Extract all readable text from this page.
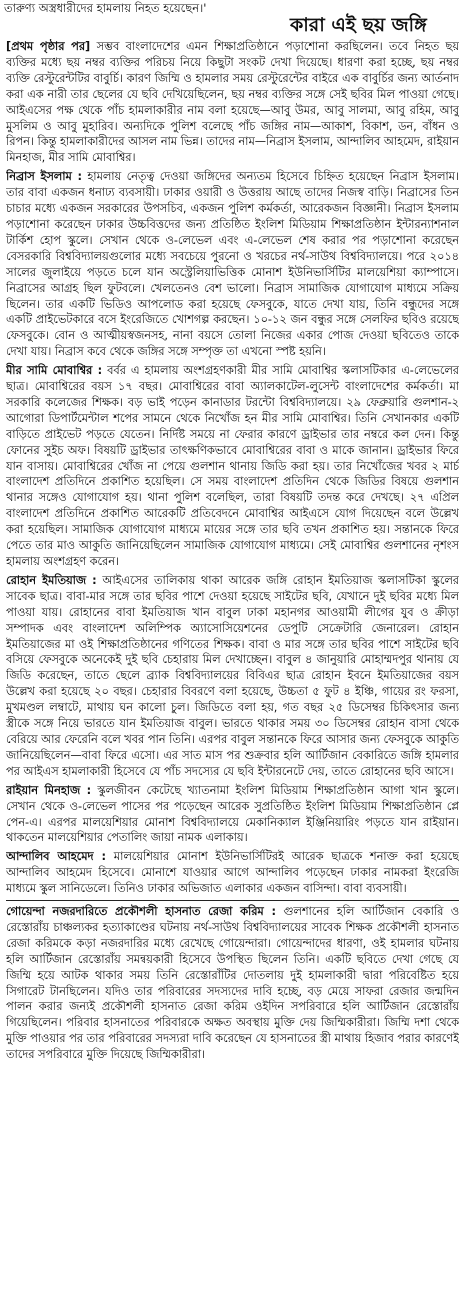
তারুণ্য অস্ত্রধারীদের হামলায় নিহত হয়েছেন।'
কারা এই ছয় জঙ্গি

[প্রথম পৃষ্ঠার পর] সম্ভব বাংলাদেশের এমন শিক্ষাপ্রতিষ্ঠানে পড়াশোনা করছিলেন। তবে নিহত ছয় ব্যক্তির মধ্যে ছয় নম্বর ব্যক্তির পরিচয় নিয়ে কিছুটা সংকট দেখা দিয়েছে। ধারণা করা হচ্ছে, ছয় নম্বর ব্যক্তি রেস্টুরেন্টটির বাবুর্চি। কারণ জিম্মি ও হামলার সময় রেস্টুরেন্টের বাইরে এক বাবুর্চির জন্য আর্তনাদ করা এক নারী তার ছেলের যে ছবি দেখিয়েছিলেন, ছয় নম্বর ব্যক্তির সঙ্গে সেই ছবির মিল পাওয়া গেছে। আইএসের পক্ষ থেকে পাঁচ হামলাকারীর নাম বলা হয়েছে—আবু উমর, আবু সালমা, আবু রহিম, আবু মুসলিম ও আবু মুহারিব। অন্যদিকে পুলিশ বলেছে পাঁচ জঙ্গির নাম—আকাশ, বিকাশ, ডন, বাঁধন ও রিপন। কিন্তু হামলাকারীদের আসল নাম ভিন্ন। তাদের নাম—নিব্রাস ইসলাম, আন্দালিব আহমেদ, রাইয়ান মিনহাজ, মীর সামি মোবাশ্বির।

নিব্রাস ইসলাম : হামলায় নেতৃত্ব দেওয়া জঙ্গিদের অন্যতম হিসেবে চিহ্নিত হয়েছেন নিব্রাস ইসলাম। তার বাবা একজন ধনাঢ্য ব্যবসায়ী। ঢাকার ওয়ারী ও উত্তরায় আছে তাদের নিজস্ব বাড়ি। নিব্রাসের তিন চাচার মধ্যে একজন সরকারের উপসচিব, একজন পুলিশ কর্মকর্তা, আরেকজন বিজ্ঞানী। নিব্রাস ইসলাম পড়াশোনা করেছেন ঢাকার উচ্চবিত্তদের জন্য প্রতিষ্ঠিত ইংলিশ মিডিয়াম শিক্ষাপ্রতিষ্ঠান ইন্টারন্যাশনাল টার্কিশ হোপ স্কুলে। সেখান থেকে ও-লেভেল এবং এ-লেভেল শেষ করার পর পড়াশোনা করেছেন বেসরকারি বিশ্ববিদ্যালয়গুলোর মধ্যে সবচেয়ে পুরনো ও খরচের নর্থ-সাউথ বিশ্ববিদ্যালয়ে। পরে ২০১৪ সালের জুলাইয়ে পড়তে চলে যান অস্ট্রেলিয়াভিত্তিক মোনাশ ইউনিভার্সিটির মালয়েশিয়া ক্যাম্পাসে। নিব্রাসের আগ্রহ ছিল ফুটবলে। খেলতেনও বেশ ভালো। নিব্রাস সামাজিক যোগাযোগ মাধ্যমে সক্রিয় ছিলেন। তার একটি ভিডিও আপলোড করা হয়েছে ফেসবুকে, যাতে দেখা যায়, তিনি বন্ধুদের সঙ্গে একটি প্রাইভেটকারে বসে ইংরেজিতে খোশগল্প করছেন। ১০-১২ জন বন্ধুর সঙ্গে সেলফির ছবিও রয়েছে ফেসবুকে। বোন ও আত্মীয়স্বজনসহ, নানা বয়সে তোলা নিজের একার পোজ দেওয়া ছবিতেও তাকে দেখা যায়। নিব্রাস কবে থেকে জঙ্গির সঙ্গে সম্পৃক্ত তা এখনো স্পষ্ট হয়নি।

মীর সামি মোবাশ্বির : বর্বর এ হামলায় অংশগ্রহণকারী মীর সামি মোবাশ্বির স্কলাসটিকার এ-লেভেলের ছাত্র। মোবাশ্বিরের বয়স ১৭ বছর। মোবাশ্বিরের বাবা অ্যালকাটেল-লুসেন্ট বাংলাদেশের কর্মকর্তা। মা সরকারি কলেজের শিক্ষক। বড় ভাই পড়েন কানাডার টরন্টো বিশ্ববিদ্যালয়ে। ২৯ ফেব্রুয়ারি গুলশান-২ আগোরা ডিপার্টমেন্টাল শপের সামনে থেকে নিখোঁজ হন মীর সামি মোবাশ্বির। তিনি সেখানকার একটি বাড়িতে প্রাইভেট পড়তে যেতেন। নির্দিষ্ট সময়ে না ফেরার কারণে ড্রাইভার তার নম্বরে কল দেন। কিন্তু ফোনের সুইচ অফ। বিষয়টি ড্রাইভার তাৎক্ষণিকভাবে মোবাশ্বিরের বাবা ও মাকে জানান। ড্রাইভার ফিরে যান বাসায়। মোবাশ্বিরের খোঁজ না পেয়ে গুলশান থানায় জিডি করা হয়। তার নিখোঁজের খবর ২ মার্চ বাংলাদেশ প্রতিদিনে প্রকাশিত হয়েছিল। সে সময় বাংলাদেশ প্রতিদিন থেকে জিডির বিষয়ে গুলশান থানার সঙ্গেও যোগাযোগ হয়। থানা পুলিশ বলেছিল, তারা বিষয়টি তদন্ত করে দেখছে। ২৭ এপ্রিল বাংলাদেশ প্রতিদিনে প্রকাশিত আরেকটি প্রতিবেদনে মোবাশ্বির আইএসে যোগ দিয়েছেন বলে উল্লেখ করা হয়েছিল। সামাজিক যোগাযোগ মাধ্যমে মায়ের সঙ্গে তার ছবি তখন প্রকাশিত হয়। সন্তানকে ফিরে পেতে তার মাও আকুতি জানিয়েছিলেন সামাজিক যোগাযোগ মাধ্যমে। সেই মোবাশ্বির গুলশানের নৃশংস হামলায় অংশগ্রহণ করেন।

রোহান ইমতিয়াজ : আইএসের তালিকায় থাকা আরেক জঙ্গি রোহান ইমতিয়াজ স্কলাসটিকা স্কুলের সাবেক ছাত্র। বাবা-মার সঙ্গে তার ছবির পাশে দেওয়া হয়েছে সাইটের ছবি, যেখানে দুই ছবির মধ্যে মিল পাওয়া যায়। রোহানের বাবা ইমতিয়াজ খান বাবুল ঢাকা মহানগর আওয়ামী লীগের যুব ও ক্রীড়া সম্পাদক এবং বাংলাদেশ অলিম্পিক অ্যাসোসিয়েশনের ডেপুটি সেক্রেটারি জেনারেল। রোহান ইমতিয়াজের মা ওই শিক্ষাপ্রতিষ্ঠানের গণিতের শিক্ষক। বাবা ও মার সঙ্গে তার ছবির পাশে সাইটের ছবি বসিয়ে ফেসবুকে অনেকেই দুই ছবি চেহারায় মিল দেখাচ্ছেন। বাবুল ৪ জানুয়ারি মোহাম্মদপুর থানায় যে জিডি করেছেন, তাতে ছেলে ব্র্যাক বিশ্ববিদ্যালয়ের বিবিএর ছাত্র রোহান ইবনে ইমতিয়াজের বয়স উল্লেখ করা হয়েছে ২০ বছর। চেহারার বিবরণে বলা হয়েছে, উচ্চতা ৫ ফুট ৪ ইঞ্চি, গায়ের রং ফরসা, মুখমণ্ডল লম্বাটে, মাথায় ঘন কালো চুল। জিডিতে বলা হয়, গত বছর ২৫ ডিসেম্বর চিকিৎসার জন্য স্ত্রীকে সঙ্গে নিয়ে ভারতে যান ইমতিয়াজ বাবুল। ভারতে থাকার সময় ৩০ ডিসেম্বর রোহান বাসা থেকে বেরিয়ে আর ফেরেনি বলে খবর পান তিনি। এরপর বাবুল সন্তানকে ফিরে আসার জন্য ফেসবুকে আকুতি জানিয়েছিলেন—বাবা ফিরে এসো। এর সাত মাস পর শুক্রবার হলি আর্টিজান বেকারিতে জঙ্গি হামলার পর আইএস হামলাকারী হিসেবে যে পাঁচ সদস্যের যে ছবি ইন্টারনেটে দেয়, তাতে রোহানের ছবি আসে।

রাইয়ান মিনহাজ : স্কুলজীবন কেটেছে খ্যাতনামা ইংলিশ মিডিয়াম শিক্ষাপ্রতিষ্ঠান আগা খান স্কুলে। সেখান থেকে ও-লেভেল পাসের পর পড়েছেন আরেক সুপ্রতিষ্ঠিত ইংলিশ মিডিয়াম শিক্ষাপ্রতিষ্ঠান প্লে পেন-এ। এরপর মালয়েশিয়ার মোনাশ বিশ্ববিদ্যালয়ে মেকানিক্যাল ইঞ্জিনিয়ারিং পড়তে যান রাইয়ান। থাকতেন মালয়েশিয়ার পেতালিং জায়া নামক এলাকায়।

আন্দালিব আহমেদ : মালয়েশিয়ার মোনাশ ইউনিভার্সিটিরই আরেক ছাত্রকে শনাক্ত করা হয়েছে আন্দালিব আহমেদ হিসেবে। মোনাশে যাওয়ার আগে আন্দালিব পড়েছেন ঢাকার নামকরা ইংরেজি মাধ্যমে স্কুল সানিডেলে। তিনিও ঢাকার অভিজাত এলাকার একজন বাসিন্দা। বাবা ব্যবসায়ী।

গোয়েন্দা নজরদারিতে প্রকৌশলী হাসনাত রেজা করিম : গুলশানের হলি আর্টিজান বেকারি ও রেস্তোরাঁয় চাঞ্চল্যকর হত্যাকাণ্ডের ঘটনায় নর্থ-সাউথ বিশ্ববিদ্যালয়ের সাবেক শিক্ষক প্রকৌশলী হাসনাত রেজা করিমকে কড়া নজরদারির মধ্যে রেখেছে গোয়েন্দারা। গোয়েন্দাদের ধারণা, ওই হামলার ঘটনায় হলি আর্টিজান রেস্তোরাঁয় সমন্বয়কারী হিসেবে উপস্থিত ছিলেন তিনি। একটি ছবিতে দেখা গেছে যে জিম্মি হয়ে আটক থাকার সময় তিনি রেস্তোরাঁটির দোতলায় দুই হামলাকারী দ্বারা পরিবেষ্টিত হয়ে সিগারেট টানছিলেন। যদিও তার পরিবারের সদস্যদের দাবি হচ্ছে, বড় মেয়ে সাফরা রেজার জন্মদিন পালন করার জন্যই প্রকৌশলী হাসনাত রেজা করিম ওইদিন সপরিবারে হলি আর্টিজান রেস্তোরাঁয় গিয়েছিলেন। পরিবার হাসনাতের পরিবারকে অক্ষত অবস্থায় মুক্তি দেয় জিম্মিকারীরা। জিম্মি দশা থেকে মুক্তি পাওয়ার পর তার পরিবারের সদস্যরা দাবি করেছেন যে হাসনাতের স্ত্রী মাথায় হিজাব পরার কারণেই তাদের সপরিবারে মুক্তি দিয়েছে জিম্মিকারীরা।
